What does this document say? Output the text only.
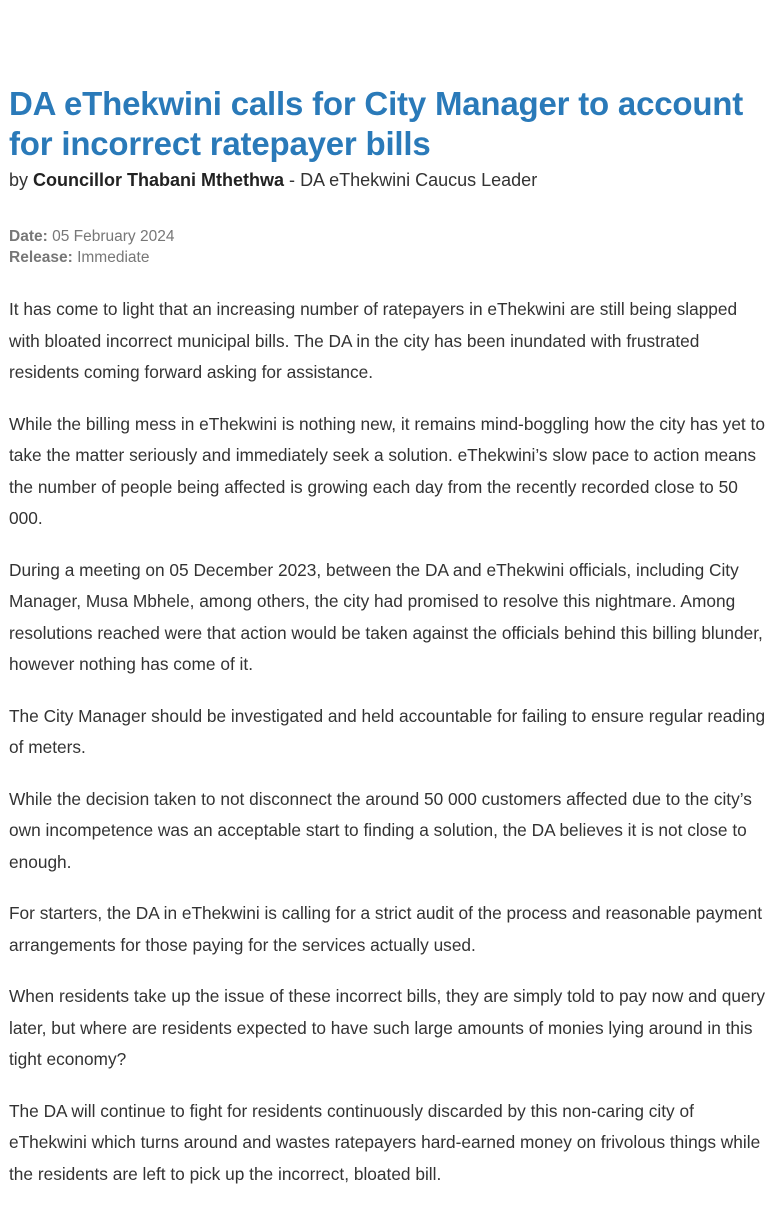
DA eThekwini calls for City Manager to account for incorrect ratepayer bills
by Councillor Thabani Mthethwa - DA eThekwini Caucus Leader
Date: 05 February 2024
Release: Immediate

It has come to light that an increasing number of ratepayers in eThekwini are still being slapped with bloated incorrect municipal bills. The DA in the city has been inundated with frustrated residents coming forward asking for assistance.

While the billing mess in eThekwini is nothing new, it remains mind-boggling how the city has yet to take the matter seriously and immediately seek a solution. eThekwini’s slow pace to action means the number of people being affected is growing each day from the recently recorded close to 50 000.

During a meeting on 05 December 2023, between the DA and eThekwini officials, including City Manager, Musa Mbhele, among others, the city had promised to resolve this nightmare. Among resolutions reached were that action would be taken against the officials behind this billing blunder, however nothing has come of it.

The City Manager should be investigated and held accountable for failing to ensure regular reading of meters.

While the decision taken to not disconnect the around 50 000 customers affected due to the city’s own incompetence was an acceptable start to finding a solution, the DA believes it is not close to enough.

For starters, the DA in eThekwini is calling for a strict audit of the process and reasonable payment arrangements for those paying for the services actually used.

When residents take up the issue of these incorrect bills, they are simply told to pay now and query later, but where are residents expected to have such large amounts of monies lying around in this tight economy?

The DA will continue to fight for residents continuously discarded by this non-caring city of eThekwini which turns around and wastes ratepayers hard-earned money on frivolous things while the residents are left to pick up the incorrect, bloated bill.
